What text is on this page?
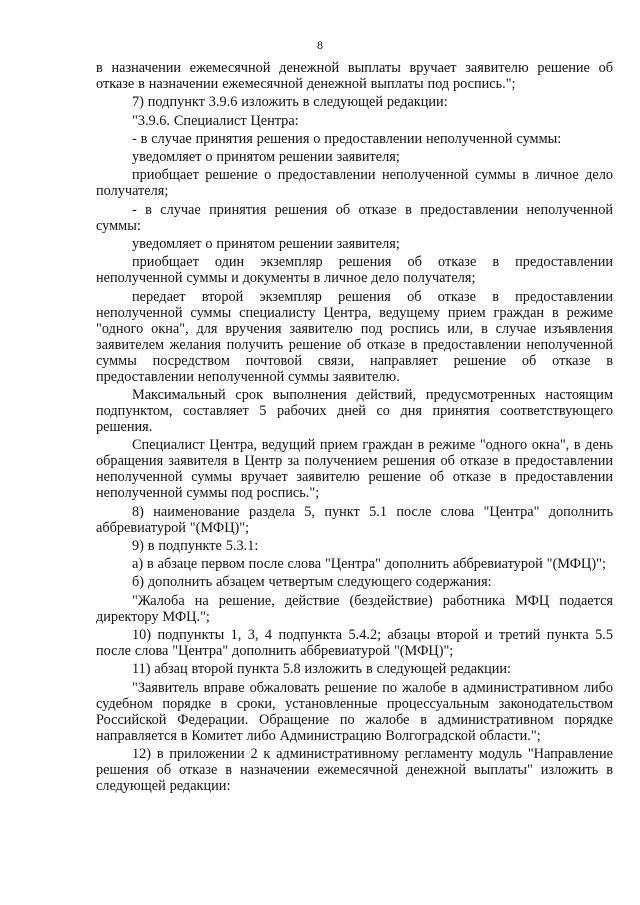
8

в назначении ежемесячной денежной выплаты вручает заявителю решение об отказе в назначении ежемесячной денежной выплаты под роспись.";

7) подпункт 3.9.6 изложить в следующей редакции:

"3.9.6. Специалист Центра:

- в случае принятия решения о предоставлении неполученной суммы:

уведомляет о принятом решении заявителя;

приобщает решение о предоставлении неполученной суммы в личное дело получателя;

- в случае принятия решения об отказе в предоставлении неполученной суммы:

уведомляет о принятом решении заявителя;

приобщает один экземпляр решения об отказе в предоставлении неполученной суммы и документы в личное дело получателя;

передает второй экземпляр решения об отказе в предоставлении неполученной суммы специалисту Центра, ведущему прием граждан в режиме "одного окна", для вручения заявителю под роспись или, в случае изъявления заявителем желания получить решение об отказе в предоставлении неполученной суммы посредством почтовой связи, направляет решение об отказе в предоставлении неполученной суммы заявителю.

Максимальный срок выполнения действий, предусмотренных настоящим подпунктом, составляет 5 рабочих дней со дня принятия соответствующего решения.

Специалист Центра, ведущий прием граждан в режиме "одного окна", в день обращения заявителя в Центр за получением решения об отказе в предоставлении неполученной суммы вручает заявителю решение об отказе в предоставлении неполученной суммы под роспись.";

8) наименование раздела 5, пункт 5.1 после слова "Центра" дополнить аббревиатурой "(МФЦ)";

9) в подпункте 5.3.1:

а) в абзаце первом после слова "Центра" дополнить аббревиатурой "(МФЦ)";

б) дополнить абзацем четвертым следующего содержания:

"Жалоба на решение, действие (бездействие) работника МФЦ подается директору МФЦ.";

10) подпункты 1, 3, 4 подпункта 5.4.2; абзацы второй и третий пункта 5.5 после слова "Центра" дополнить аббревиатурой "(МФЦ)";

11) абзац второй пункта 5.8 изложить в следующей редакции:

"Заявитель вправе обжаловать решение по жалобе в административном либо судебном порядке в сроки, установленные процессуальным законодательством Российской Федерации. Обращение по жалобе в административном порядке направляется в Комитет либо Администрацию Волгоградской области.";

12) в приложении 2 к административному регламенту модуль "Направление решения об отказе в назначении ежемесячной денежной выплаты" изложить в следующей редакции:
